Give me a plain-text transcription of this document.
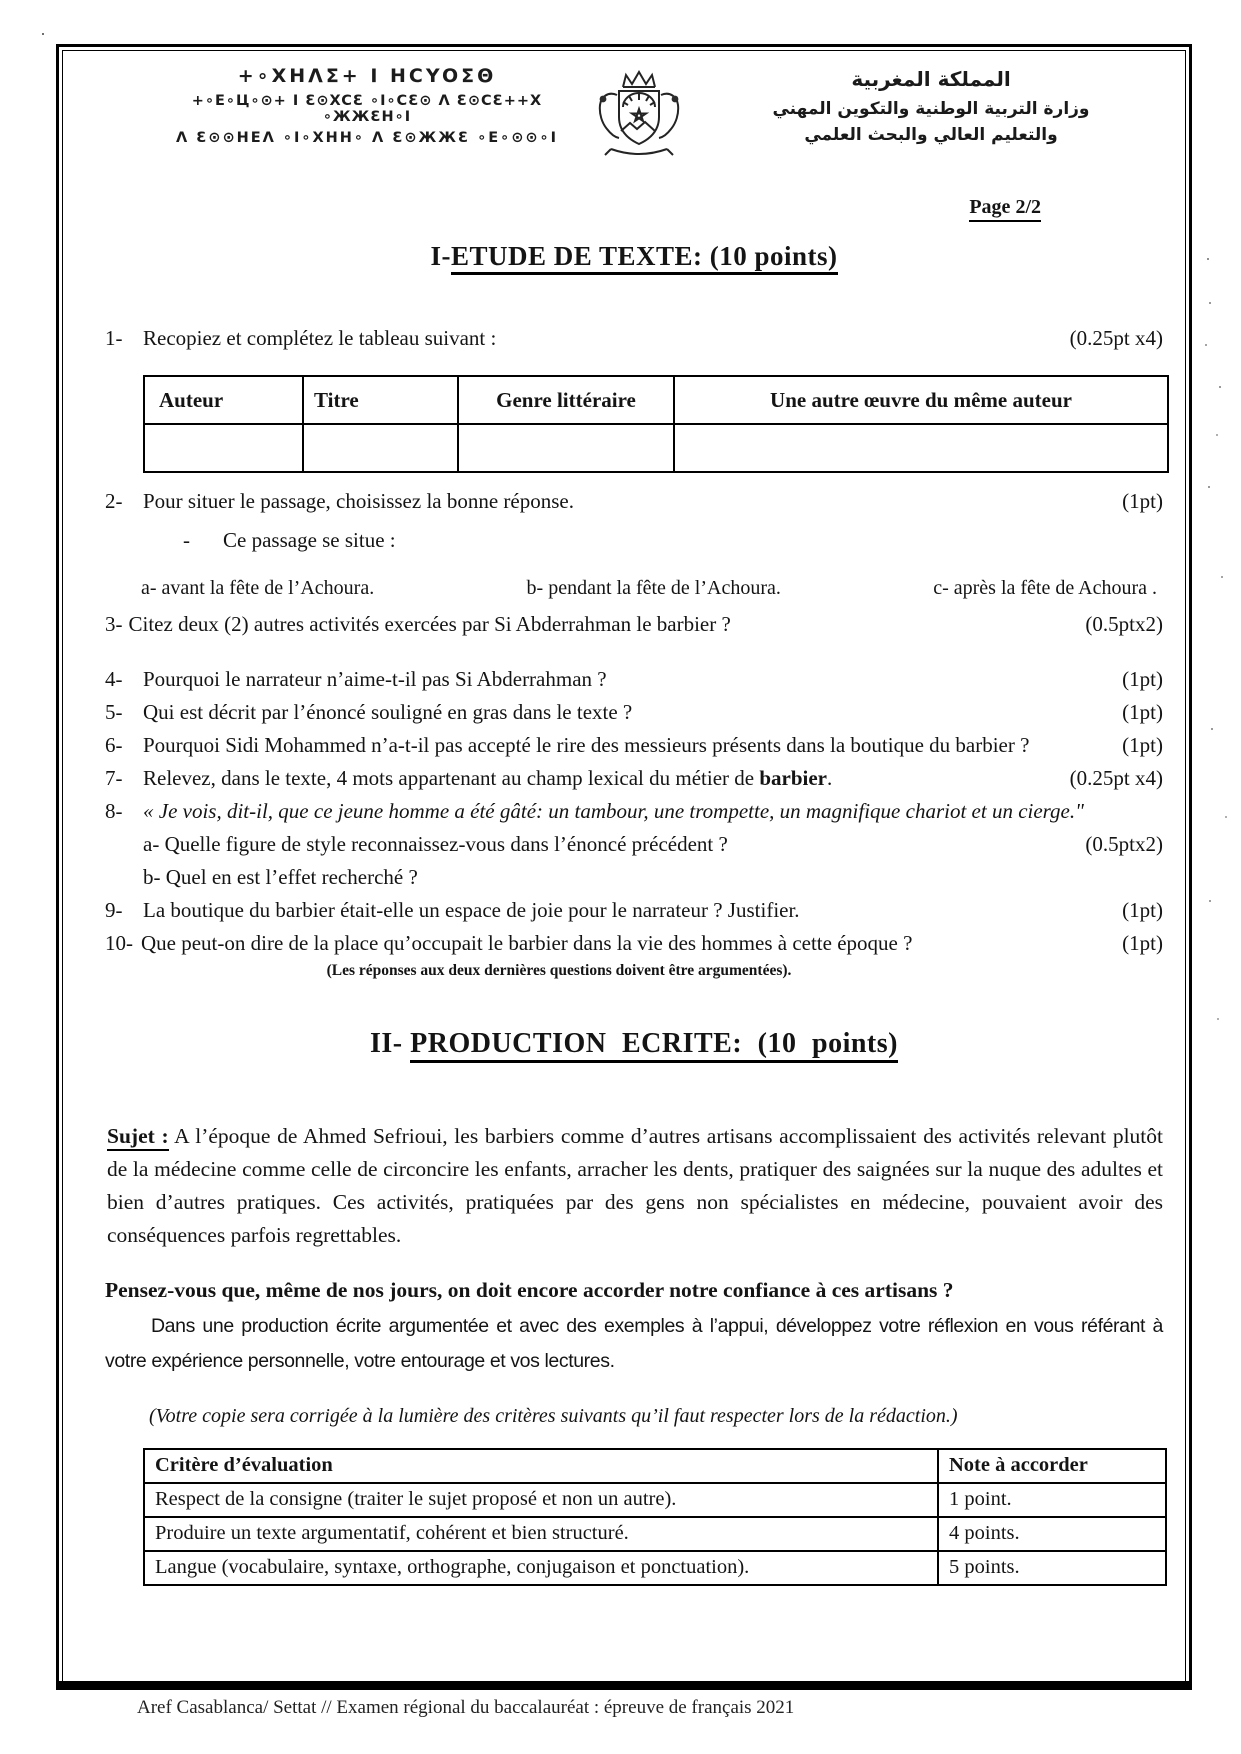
+∘XHΛΣ+ Ι HCYOΣΘ
+∘E∘Ц∘⊙+ Ι Ɛ⊙XCƐ ∘Ι∘CƐ⊙ Λ Ɛ⊙CƐ++X ∘ЖЖƐH∘Ι
Λ Ɛ⊙⊙HEΛ ∘Ι∘XHH∘ Λ Ɛ⊙ЖЖƐ ∘E∘⊙⊙∘Ι
المملكة المغربية
وزارة التربية الوطنية والتكوين المهني
والتعليم العالي والبحث العلمي
Page 2/2
I-ETUDE DE TEXTE: (10 points)
1- Recopiez et complétez le tableau suivant :	(0.25pt x4)
Auteur	Titre	Genre littéraire	Une autre œuvre du même auteur

2- Pour situer le passage, choisissez la bonne réponse.	(1pt)
-	Ce passage se situe :
a- avant la fête de l’Achoura.	b- pendant la fête de l’Achoura.	c- après la fête de Achoura .
3- Citez deux (2) autres activités exercées par Si Abderrahman le barbier ?	(0.5ptx2)
4- Pourquoi le narrateur n’aime-t-il pas Si Abderrahman ?	(1pt)
5- Qui est décrit par l’énoncé souligné en gras dans le texte ?	(1pt)
6- Pourquoi Sidi Mohammed n’a-t-il pas accepté le rire des messieurs présents dans la boutique du barbier ?	(1pt)
7- Relevez, dans le texte, 4 mots appartenant au champ lexical du métier de barbier.	(0.25pt x4)
8- « Je vois, dit-il, que ce jeune homme a été gâté: un tambour, une trompette, un magnifique chariot et un cierge."
a- Quelle figure de style reconnaissez-vous dans l’énoncé précédent ?	(0.5ptx2)
b- Quel en est l’effet recherché ?
9- La boutique du barbier était-elle un espace de joie pour le narrateur ? Justifier.	(1pt)
10- Que peut-on dire de la place qu’occupait le barbier dans la vie des hommes à cette époque ?	(1pt)
(Les réponses aux deux dernières questions doivent être argumentées).
II- PRODUCTION ECRITE: (10 points)

Sujet : A l’époque de Ahmed Sefrioui, les barbiers comme d’autres artisans accomplissaient des activités relevant plutôt de la médecine comme celle de circoncire les enfants, arracher les dents, pratiquer des saignées sur la nuque des adultes et bien d’autres pratiques. Ces activités, pratiquées par des gens non spécialistes en médecine, pouvaient avoir des conséquences parfois regrettables.

Pensez-vous que, même de nos jours, on doit encore accorder notre confiance à ces artisans ?
Dans une production écrite argumentée et avec des exemples à l’appui, développez votre réflexion en vous référant à votre expérience personnelle, votre entourage et vos lectures.
(Votre copie sera corrigée à la lumière des critères suivants qu’il faut respecter lors de la rédaction.)
Critère d’évaluation	Note à accorder
Respect de la consigne (traiter le sujet proposé et non un autre).	1 point.
Produire un texte argumentatif, cohérent et bien structuré.	4 points.
Langue (vocabulaire, syntaxe, orthographe, conjugaison et ponctuation).	5 points.
Aref Casablanca/ Settat // Examen régional du baccalauréat : épreuve de français 2021
